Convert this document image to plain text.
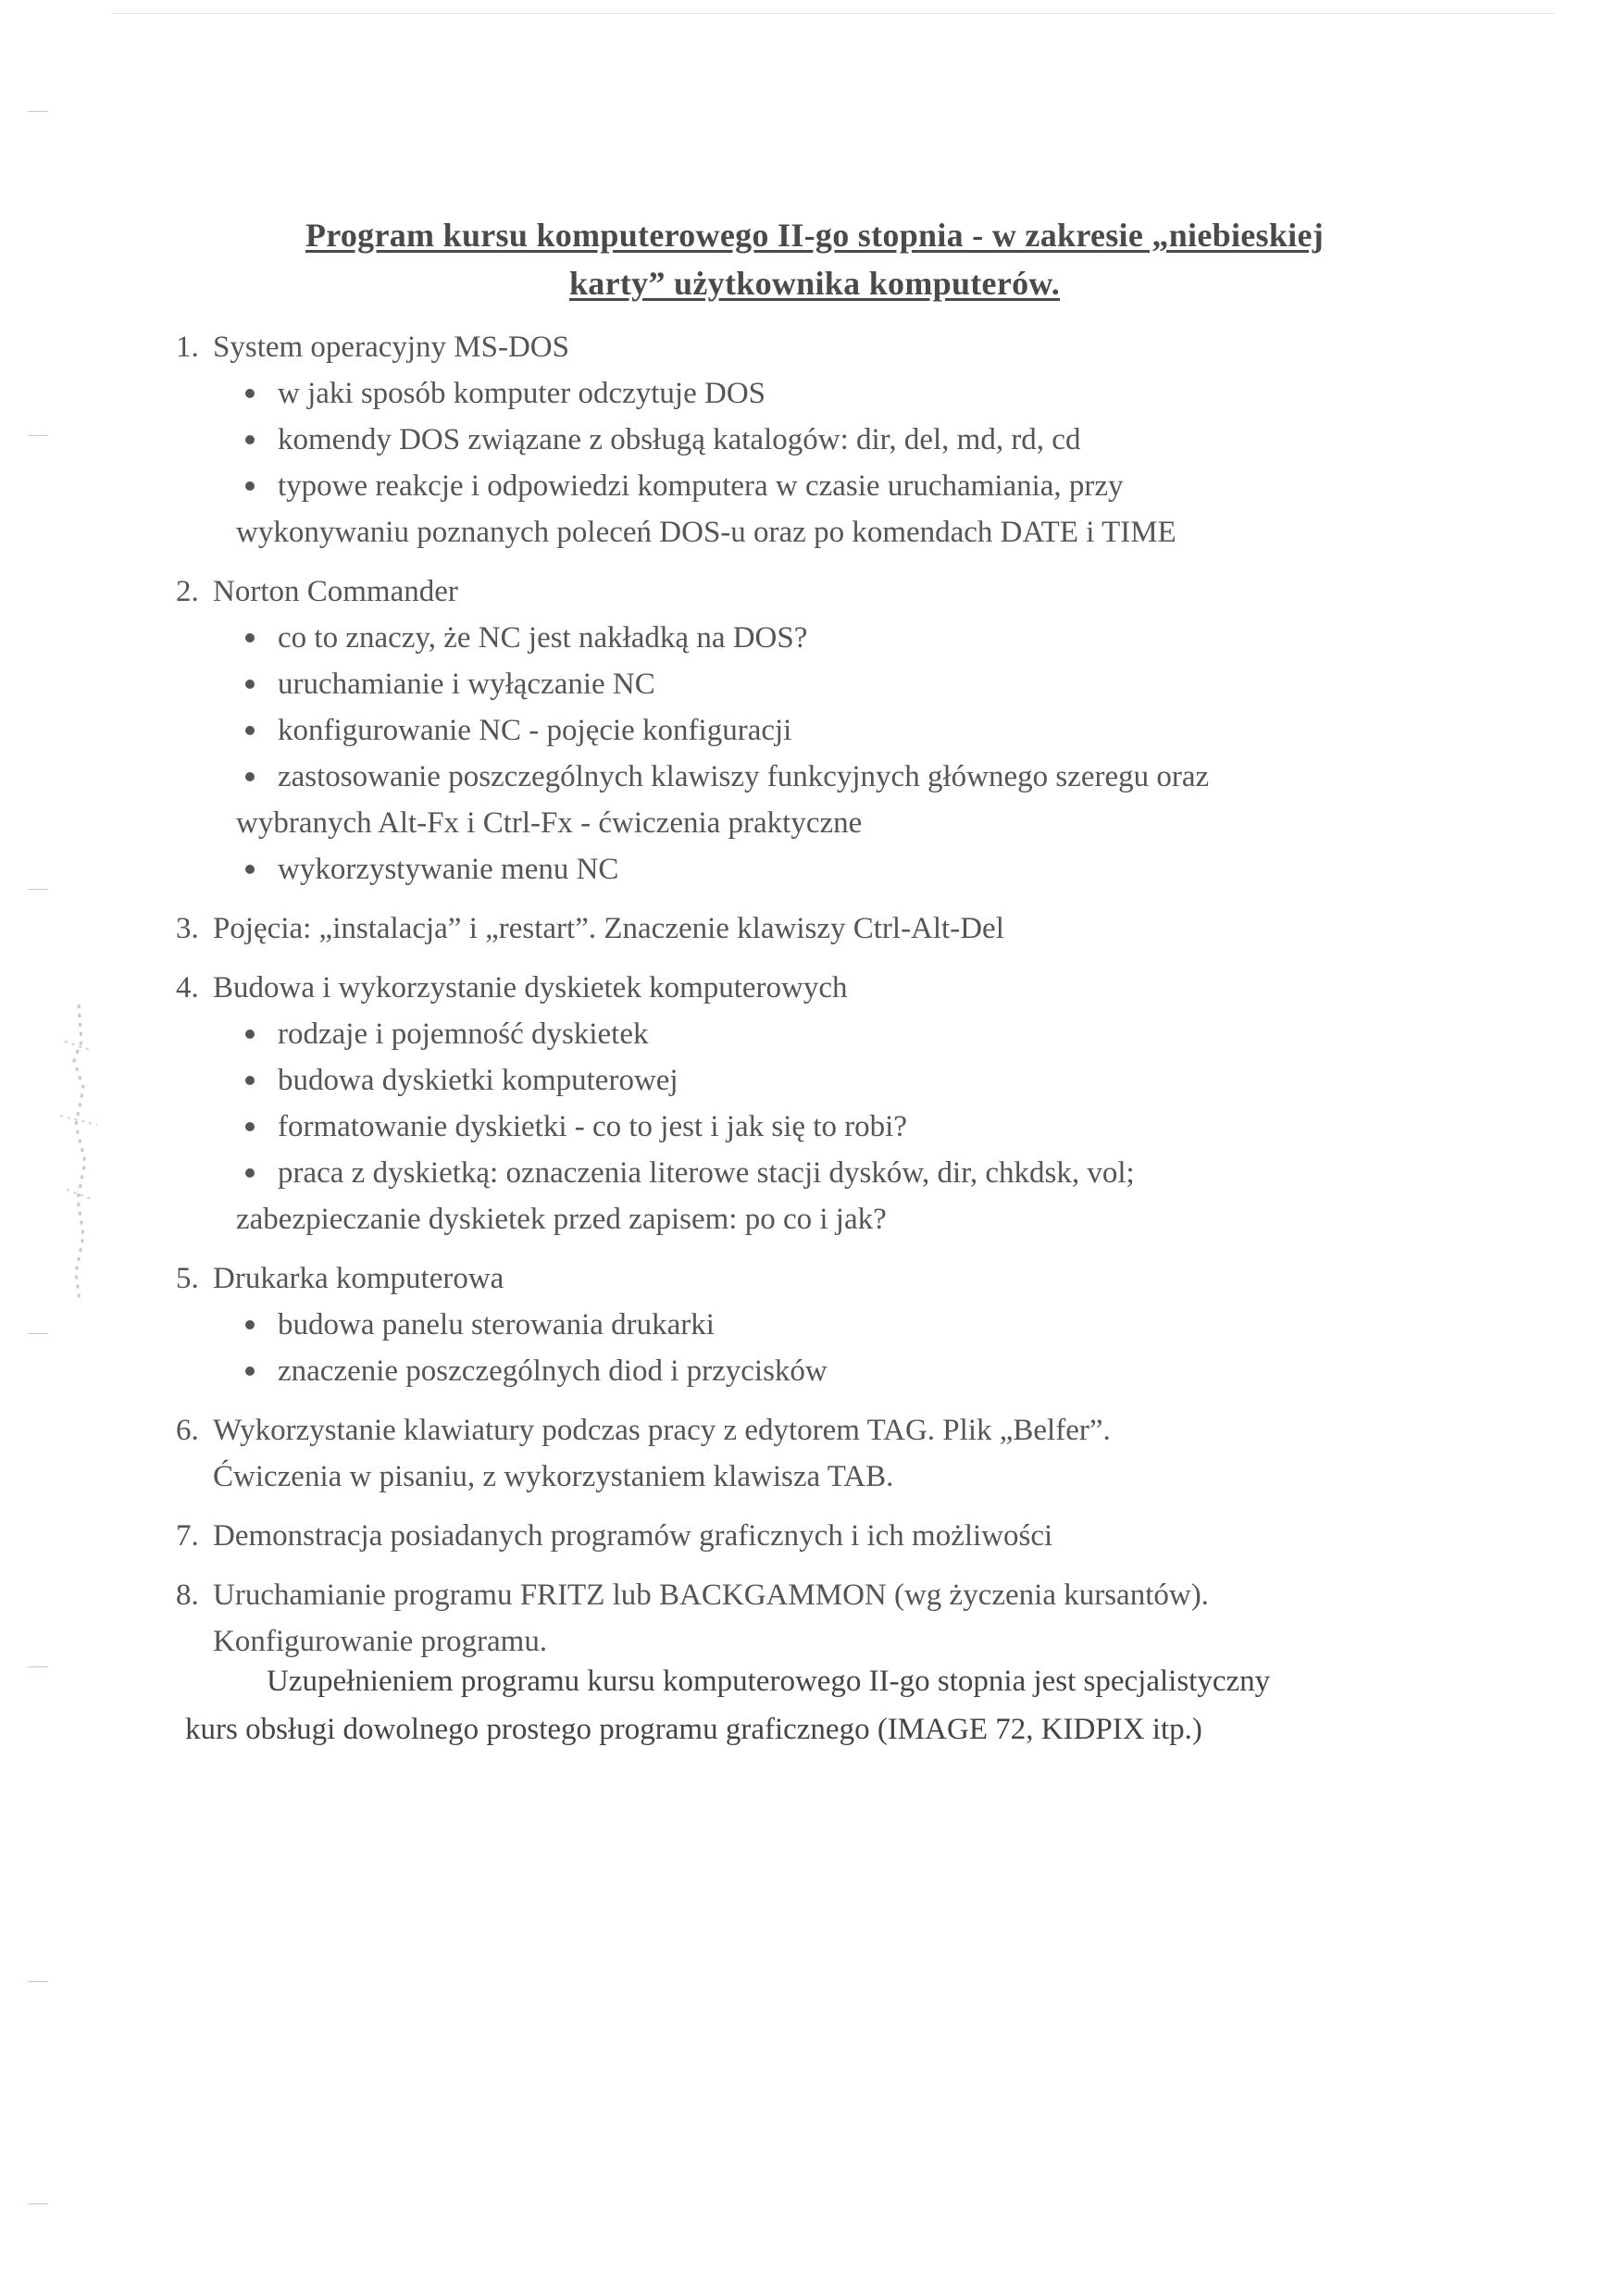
Program kursu komputerowego II-go stopnia - w zakresie „niebieskiej
karty” użytkownika komputerów.
1. System operacyjny MS-DOS
w jaki sposób komputer odczytuje DOS
komendy DOS związane z obsługą katalogów: dir, del, md, rd, cd
typowe reakcje i odpowiedzi komputera w czasie uruchamiania, przy
wykonywaniu poznanych poleceń DOS-u oraz po komendach DATE i TIME
2. Norton Commander
co to znaczy, że NC jest nakładką na DOS?
uruchamianie i wyłączanie NC
konfigurowanie NC - pojęcie konfiguracji
zastosowanie poszczególnych klawiszy funkcyjnych głównego szeregu oraz
wybranych Alt-Fx i Ctrl-Fx - ćwiczenia praktyczne
wykorzystywanie menu NC
3. Pojęcia: „instalacja” i „restart”. Znaczenie klawiszy Ctrl-Alt-Del
4. Budowa i wykorzystanie dyskietek komputerowych
rodzaje i pojemność dyskietek
budowa dyskietki komputerowej
formatowanie dyskietki - co to jest i jak się to robi?
praca z dyskietką: oznaczenia literowe stacji dysków, dir, chkdsk, vol;
zabezpieczanie dyskietek przed zapisem: po co i jak?
5. Drukarka komputerowa
budowa panelu sterowania drukarki
znaczenie poszczególnych diod i przycisków
6. Wykorzystanie klawiatury podczas pracy z edytorem TAG. Plik „Belfer”.
Ćwiczenia w pisaniu, z wykorzystaniem klawisza TAB.
7. Demonstracja posiadanych programów graficznych i ich możliwości
8. Uruchamianie programu FRITZ lub BACKGAMMON (wg życzenia kursantów).
Konfigurowanie programu.
Uzupełnieniem programu kursu komputerowego II-go stopnia jest specjalistyczny
kurs obsługi dowolnego prostego programu graficznego (IMAGE 72, KIDPIX itp.)
